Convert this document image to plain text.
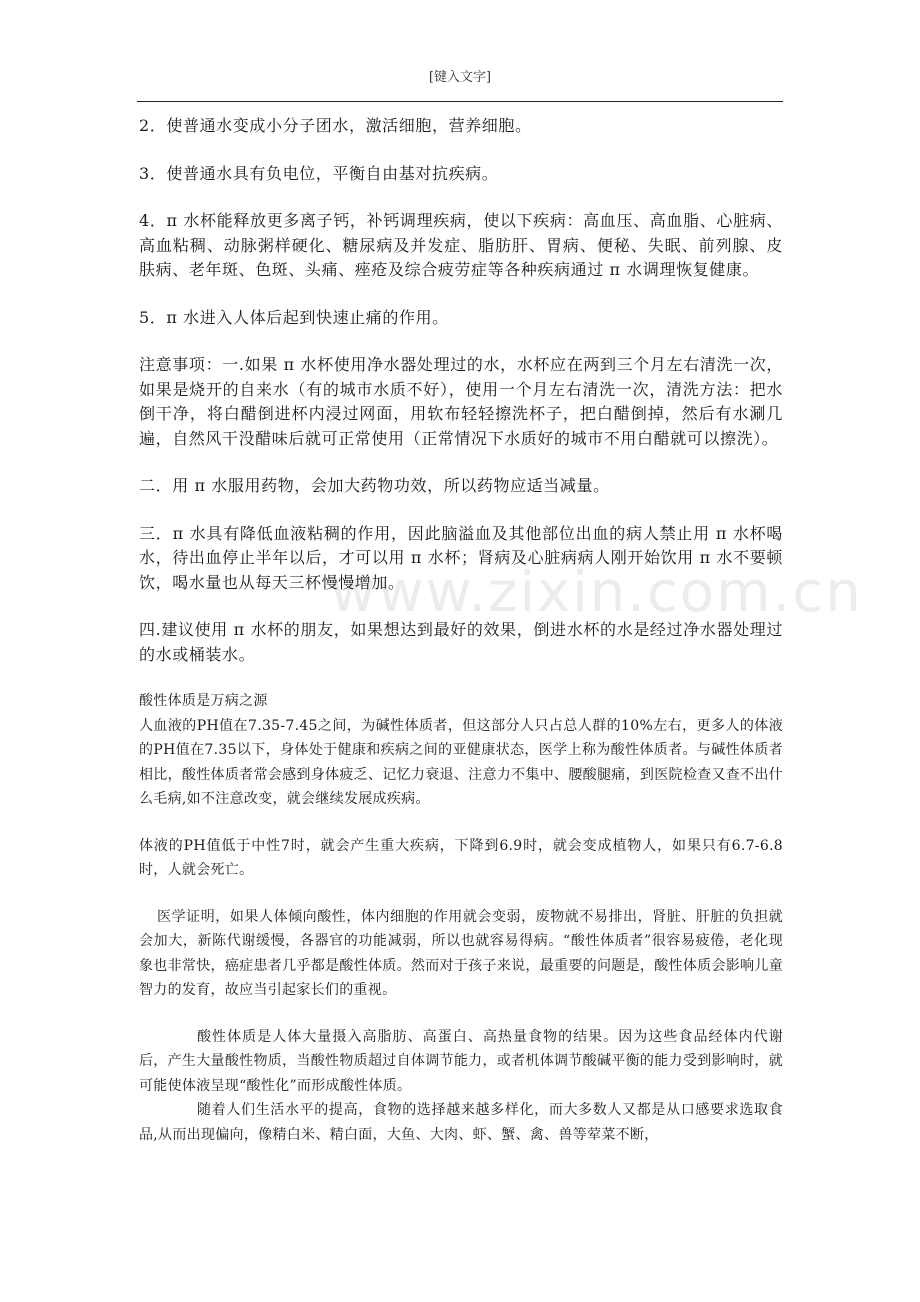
[键入文字]
www.zixin.com.cn

2．使普通水变成小分子团水，激活细胞，营养细胞。

3．使普通水具有负电位，平衡自由基对抗疾病。

4．π 水杯能释放更多离子钙，补钙调理疾病，使以下疾病：高血压、高血脂、心脏病、高血粘稠、动脉粥样硬化、糖尿病及并发症、脂肪肝、胃病、便秘、失眠、前列腺、皮肤病、老年斑、色斑、头痛、痤疮及综合疲劳症等各种疾病通过 π 水调理恢复健康。

5．π 水进入人体后起到快速止痛的作用。

注意事项：一.如果 π 水杯使用净水器处理过的水，水杯应在两到三个月左右清洗一次，如果是烧开的自来水（有的城市水质不好），使用一个月左右清洗一次，清洗方法：把水倒干净，将白醋倒进杯内浸过网面，用软布轻轻擦洗杯子，把白醋倒掉，然后有水涮几遍，自然风干没醋味后就可正常使用（正常情况下水质好的城市不用白醋就可以擦洗）。

二．用 π 水服用药物，会加大药物功效，所以药物应适当减量。

三．π 水具有降低血液粘稠的作用，因此脑溢血及其他部位出血的病人禁止用 π 水杯喝水，待出血停止半年以后，才可以用 π 水杯；肾病及心脏病病人刚开始饮用 π 水不要顿饮，喝水量也从每天三杯慢慢增加。

四.建议使用 π 水杯的朋友，如果想达到最好的效果，倒进水杯的水是经过净水器处理过的水或桶装水。

酸性体质是万病之源

人血液的PH值在7.35-7.45之间，为碱性体质者，但这部分人只占总人群的10%左右，更多人的体液的PH值在7.35以下，身体处于健康和疾病之间的亚健康状态，医学上称为酸性体质者。与碱性体质者相比，酸性体质者常会感到身体疲乏、记忆力衰退、注意力不集中、腰酸腿痛，到医院检查又查不出什么毛病,如不注意改变，就会继续发展成疾病。

体液的PH值低于中性7时，就会产生重大疾病，下降到6.9时，就会变成植物人，如果只有6.7-6.8时，人就会死亡。

医学证明，如果人体倾向酸性，体内细胞的作用就会变弱，废物就不易排出，肾脏、肝脏的负担就会加大，新陈代谢缓慢，各器官的功能减弱，所以也就容易得病。“酸性体质者”很容易疲倦，老化现象也非常快，癌症患者几乎都是酸性体质。然而对于孩子来说，最重要的问题是，酸性体质会影响儿童智力的发育，故应当引起家长们的重视。

酸性体质是人体大量摄入高脂肪、高蛋白、高热量食物的结果。因为这些食品经体内代谢后，产生大量酸性物质，当酸性物质超过自体调节能力，或者机体调节酸碱平衡的能力受到影响时，就可能使体液呈现“酸性化”而形成酸性体质。

随着人们生活水平的提高，食物的选择越来越多样化，而大多数人又都是从口感要求选取食品,从而出现偏向，像精白米、精白面，大鱼、大肉、虾、蟹、禽、兽等荤菜不断，
